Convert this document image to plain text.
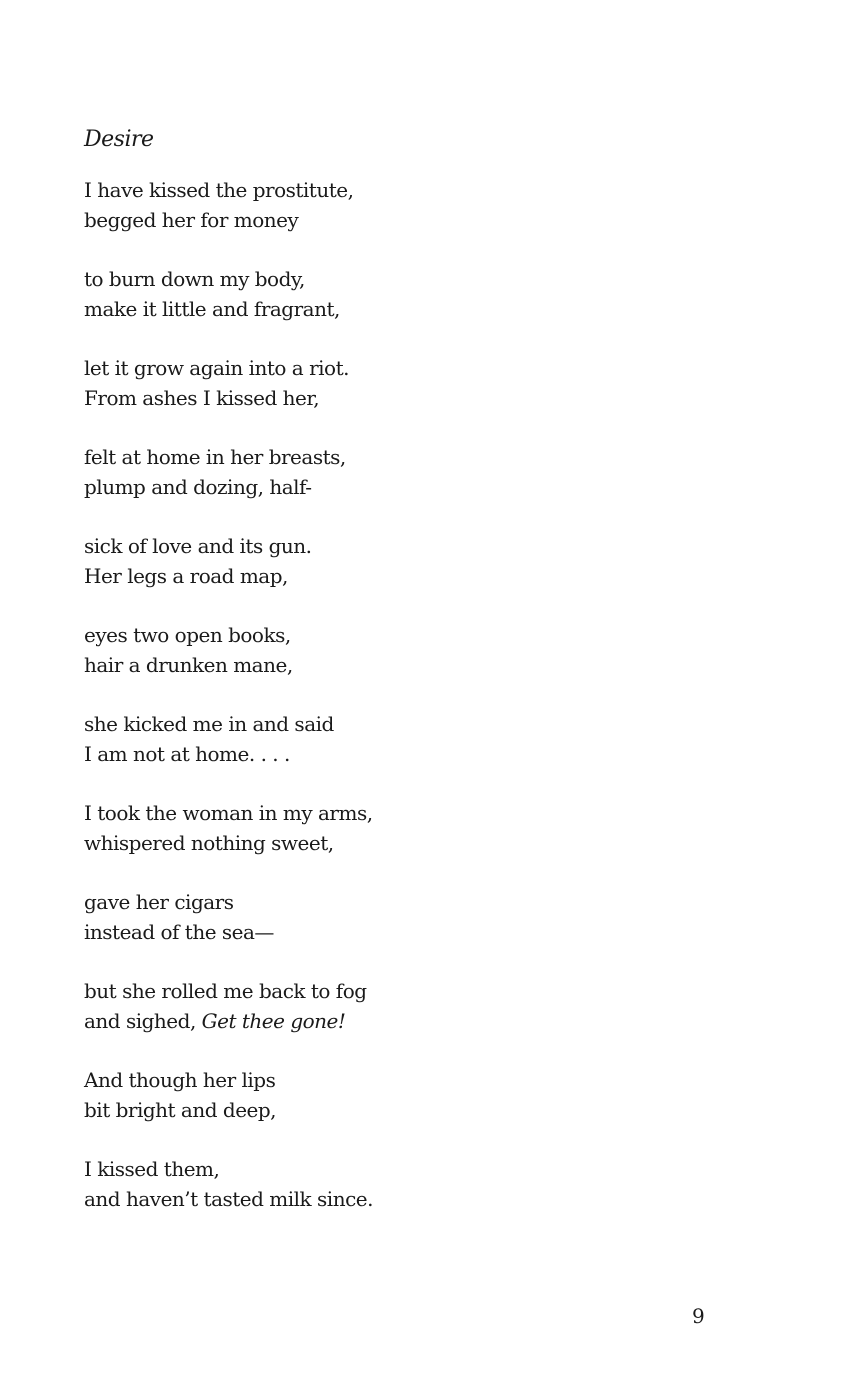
Desire

I have kissed the prostitute,
begged her for money

to burn down my body,
make it little and fragrant,

let it grow again into a riot.
From ashes I kissed her,

felt at home in her breasts,
plump and dozing, half-

sick of love and its gun.
Her legs a road map,

eyes two open books,
hair a drunken mane,

she kicked me in and said
I am not at home. . . .

I took the woman in my arms,
whispered nothing sweet,

gave her cigars
instead of the sea—

but she rolled me back to fog
and sighed, Get thee gone!

And though her lips
bit bright and deep,

I kissed them,
and haven’t tasted milk since.

9
